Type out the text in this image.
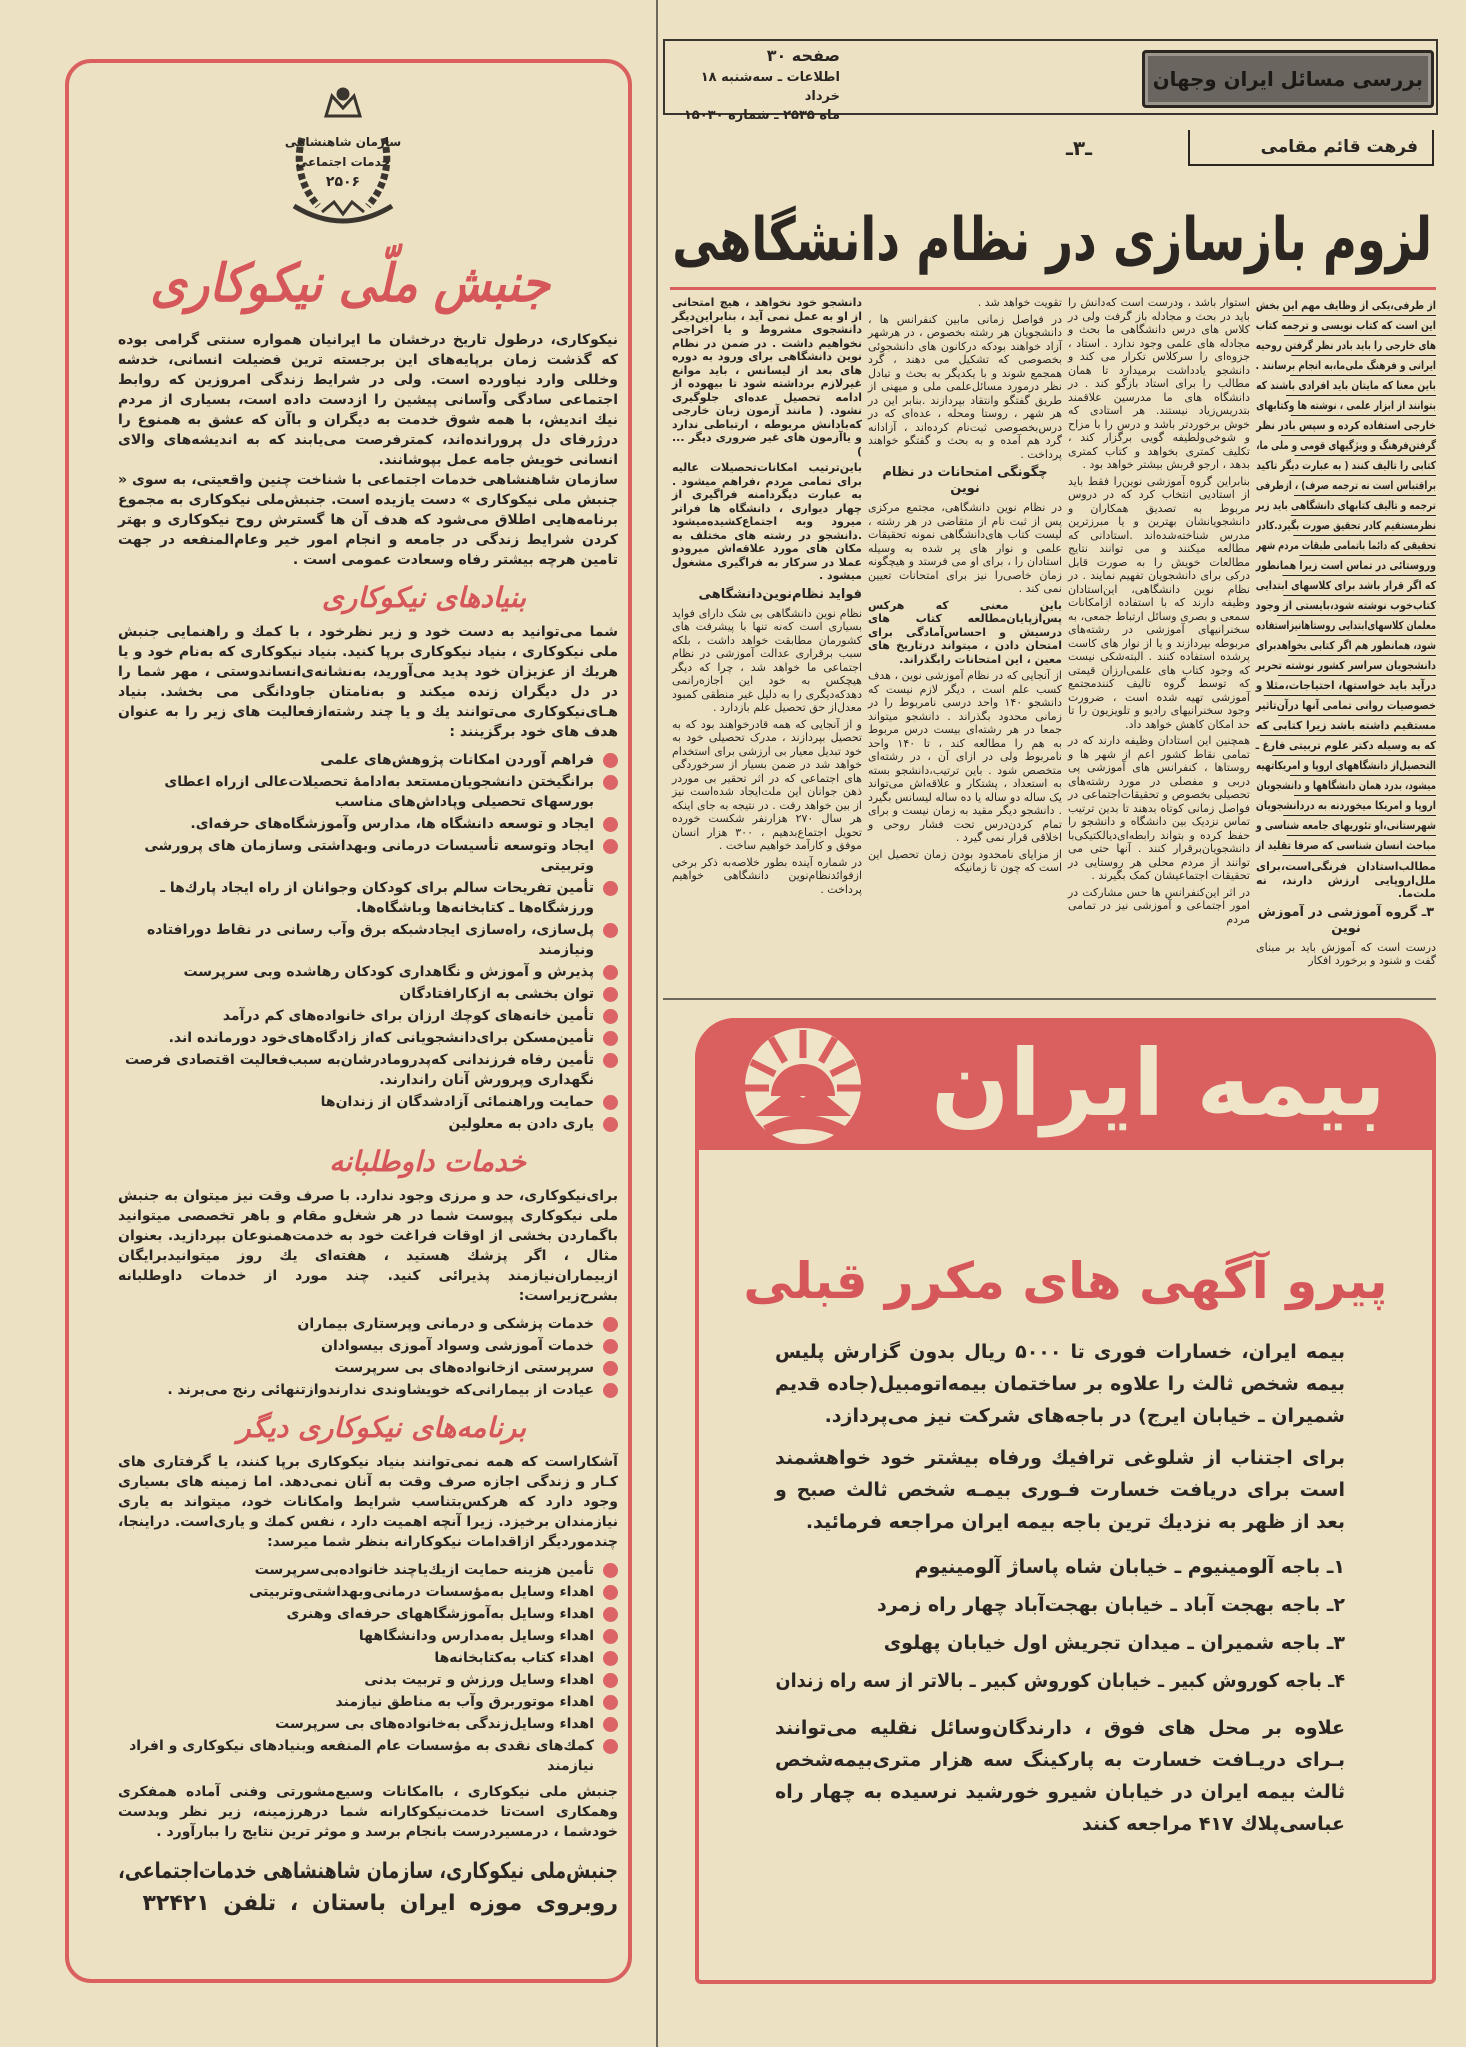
سازمان شاهنشاهی
خدمات اجتماعی
۲۵۰۶
جنبش ملّی نیکوکاری
نیکوکاری، درطول تاریخ درخشان ما ایرانیان همواره سنتی گرامی بوده که گذشت زمان برپایه‌های این برجسته ترین فضیلت انسانی، خدشه وخللی وارد نیاورده است. ولی در شرایط زندگی امروزین که روابط اجتماعی سادگی وآسانی پیشین را ازدست داده است، بسیاری از مردم نیك اندیش، با همه شوق خدمت به دیگران و باآن که عشق به همنوع را درژرفای دل پرورانده‌اند، کمترفرصت می‌یابند که به اندیشه‌های والای انسانی خویش جامه عمل بپوشانند.
سازمان شاهنشاهی خدمات اجتماعی با شناخت چنین واقعیتی، به سوی « جنبش ملی نیکوکاری » دست یازیده است. جنبش‌ملی نیکوکاری به مجموع برنامه‌هایی اطلاق می‌شود که هدف آن ها گسترش روح نیکوکاری و بهتر کردن شرایط زندگی در جامعه و انجام امور خیر وعام‌المنفعه در جهت تامین هرچه بیشتر رفاه وسعادت عمومی است .
بنیادهای نیکوکاری
شما می‌توانید به دست خود و زیر نظرخود ، با کمك و راهنمایی جنبش ملی نیکوکاری ، بنیاد نیکوکاری برپا کنید. بنیاد نیکوکاری که به‌نام خود و یا هریك از عزیزان خود پدید می‌آورید، به‌نشانه‌ی‌انساندوستی ، مهر شما را در دل دیگران زنده میکند و به‌نامتان جاودانگی می بخشد. بنیاد هـای‌نیکوکاری می‌توانند یك و یا چند رشته‌ازفعالیت های زیر را به عنوان هدف های خود برگزینند :
فراهم آوردن امکانات پژوهش‌های علمی
برانگیختن دانشجویان‌مستعد به‌ادامهٔ تحصیلات‌عالی ازراه اعطای بورسهای تحصیلی وپاداش‌های مناسب
ایجاد و توسعه دانشگاه ها، مدارس وآموزشگاه‌های حرفه‌ای.
ایجاد وتوسعه تأسیسات درمانی وبهداشتی وسازمان های پرورشی وتربیتی
تأمین تفریحات سالم برای کودکان وجوانان از راه ایجاد پارك‌ها ـ ورزشگاه‌ها ـ کتابخانه‌ها وباشگاه‌ها.
پل‌سازی، راه‌سازی ایجادشبکه برق وآب رسانی در نقاط دورافتاده ونیازمند
پذیرش و آموزش و نگاهداری کودکان رهاشده وبی سرپرست
توان بخشی به ازکارافتادگان
تأمین خانه‌های کوچك ارزان برای خانواده‌های کم درآمد
تأمین‌مسکن برای‌دانشجویانی که‌از زادگاه‌های‌خود دورمانده اند.
تأمین رفاه فرزندانی که‌پدرومادرشان‌به سبب‌فعالیت اقتصادی فرصت نگهداری وپرورش آنان راندارند.
حمایت وراهنمائی آزادشدگان از زندان‌ها
یاری دادن به معلولین
خدمات داوطلبانه
برای‌نیکوکاری، حد و مرزی وجود ندارد. با صرف وقت نیز میتوان به جنبش ملی نیکوکاری پیوست شما در هر شغل‌و مقام و باهر تخصصی میتوانید باگماردن بخشی از اوقات فراغت خود به خدمت‌همنوعان بپردازید. بعنوان مثال ، اگر پزشك هستید ، هفته‌ای یك روز میتوانیدبرایگان ازبیماران‌نیازمند پذیرائی کنید. چند مورد از خدمات داوطلبانه بشرح‌زیراست:
خدمات پزشکی و درمانی وپرستاری بیماران
خدمات آموزشی وسواد آموزی بیسوادان
سرپرستی ازخانواده‌های بی سرپرست
عیادت از بیمارانی‌که خویشاوندی ندارندوازتنهائی رنج می‌برند .
برنامه‌های نیکوکاری دیگر
آشکاراست که همه نمی‌توانند بنیاد نیکوکاری برپا کنند، یا گرفتاری های کـار و زندگی اجازه صرف وقت به آنان نمی‌دهد. اما زمینه های بسیاری وجود دارد که هرکس‌بتناسب شرایط وامکانات خود، میتواند به یاری نیازمندان برخیزد. زیرا آنچه اهمیت دارد ، نفس کمك و یاری‌است. دراینجا، چندموردیگر ازاقدامات نیکوکارانه بنظر شما میرسد:
تأمین هزینه حمایت ازیك‌یاچند خانواده‌بی‌سرپرست
اهداء وسایل به‌مؤسسات درمانی‌وبهداشتی‌وتربیتی
اهداء وسایل به‌آموزشگاههای حرفه‌ای وهنری
اهداء وسایل به‌مدارس ودانشگاهها
اهداء کتاب به‌کتابخانه‌ها
اهداء وسایل ورزش و تربیت بدنی
اهداء موتوربرق وآب به مناطق نیازمند
اهداء وسایل‌زندگی به‌خانواده‌های بی سرپرست
کمك‌های نقدی به مؤسسات عام المنفعه وبنیادهای نیکوکاری و افراد نیازمند
جنبش ملی نیکوکاری ، باامکانات وسیع‌مشورتی وفنی آماده همفکری وهمکاری است‌تا خدمت‌نیکوکارانه شما درهرزمینه، زیر نظر وبدست خودشما ، درمسیردرست بانجام برسد و موثر ترین نتایج را ببارآورد .
جنبش‌ملی نیکوکاری، سازمان شاهنشاهی خدمات‌اجتماعی،
روبروی موزه ایران باستان ، تلفن ۳۲۴۲۱
بررسی مسائل ایران وجهان
صفحه ۳۰
اطلاعات ـ سه‌شنبه ۱۸ خرداد
ماه ۲۵۳۵ ـ شماره ۱۵۰۳۰
فرهت قائم مقامی
ـ۳ـ
لزوم بازسازی در نظام دانشگاهی
از طرفی،یکی از وظایف مهم این بخش
این است که کتاب نویسی و ترجمه کتاب
های خارجی را باید بادر نظر گرفتن روحیه
ایرانی و فرهنگ ملی‌ما،به انجام برسانند .
باین معنا که مایتان باید افرادی باشند که
بتوانند از ابزار علمی ، نوشته ها وکتابهای
خارجی استفاده کرده و سپس بادر نظر
گرفتن‌فرهنگ و ویژگیهای قومی و ملی ما،
کتابی را تالیف کنند ( به عبارت دیگر تاکید
براقتباس است نه ترجمه صرف) ، ازطرفی
ترجمه و تالیف کتابهای دانشگاهی باید زیر
نظرمستقیم کادر تحقیق صورت بگیرد.کادر
تحقیقی که دائما باتمامی طبقات مردم شهر
وروستائی در تماس است زیرا همانطور
که اگر قرار باشد برای کلاسهای ابتدایی
کتاب‌خوب نوشته شود،بایستی از وجود
معلمان کلاسهای‌ابتدایی روستاها‌نیز‌استفاده
شود، همانطور هم اگر کتابی بخواهدبرای
دانشجویان سراسر کشور نوشته تحریر
درآید باید خواستها، احتیاجات،مثلا و
خصوصیات روانی تمامی آنها درآن‌تاثیر
مستقیم داشته باشد زیرا کتابی که
که به وسیله دکتر علوم تربیتی فارغ ـ
التحصیل‌از دانشگاههای اروپا و امریکاتهیه
میشود، بدرد همان دانشگاهها و دانشجویان
اروپا و امریکا میخوردنه به دردانشجویان
شهرستانی،او تئوریهای جامعه شناسی و
مباحث انسان شناسی که صرفا تقلید از

مطالب‌استادان فرنگی‌است،برای ملل‌اروپایی ارزش دارند، نه ملت‌ما.

۳ـ گروه آموزشی در آموزش نوین

درست است که آموزش باید بر مبنای گفت و شنود و برخورد افکار

استوار باشد ، ودرست است که‌دانش را باید در بحث و مجادله باز گرفت ولی در کلاس های درس دانشگاهی ما بحث و مجادله های علمی وجود ندارد . استاد ، جزوه‌ای را سرکلاس تکرار می کند و دانشجو یادداشت برمیدارد تا همان مطالب را برای استاد بازگو کند . در دانشگاه های ما مدرسین علاقمند بتدریس‌زیاد نیستند. هر استادی که خوش برخوردتر باشد و درس را با مزاح و شوخی‌ولطیفه گویی برگزار کند ، تکلیف کمتری بخواهد و کتاب کمتری بدهد ، ارجو قربش بیشتر خواهد بود .

بنابراین گروه آموزشی نوین‌را فقط باید از استادیی انتخاب کرد که در دروس مربوط به تصدیق همکاران و دانشجویانشان بهترین و یا مبرز‌ترین مدرس شناخته‌شده‌اند .استادانی که مطالعه میکنند و می توانند نتایج مطالعات خویش را به صورت قابل درکی برای دانشجویان تفهیم نمایند . در نظام نوین دانشگاهی، این‌استادان وظیفه دارند که با استفاده ازامکانات سمعی و بصری وسائل ارتباط جمعی، به سخنرانیهای آموزشی در رشته‌های مربوطه بپردازند و یا از نوار های کاست پرشده استفاده کنند . البته‌شکی نیست که وجود کتاب های علمی‌ارزان قیمتی که توسط گروه تالیف کنندمجتمع آموزشی تهیه شده است ، ضرورت وجود سخنرانیهای رادیو و تلویزیون را تا حد امکان کاهش خواهد داد.

همچنین این استادان وظیفه دارند که در تمامی نقاط کشور اعم از شهر ها و روستاها ، کنفرانس های آموزشی پی دربی و مفصلی در مورد رشته‌های تحصیلی بخصوص و تحقیقات‌اجتماعی در فواصل زمانی کوتاه بدهند تا بدین ترتیب تماس نزدیک بین دانشگاه و دانشجو را حفظ کرده و بتواند رابطه‌ای‌دیالکتیکی‌با دانشجویان‌برقرار کنند . آنها حتی می توانند از مردم محلی هر روستایی در تحقیقات اجتماعیشان کمک بگیرند .

در اثر این‌کنفرانس ها حس مشارکت در امور اجتماعی و آموزشی نیز در تمامی مردم

تقویت خواهد شد .

در فواصل زمانی مابین کنفرانس ها ، دانشجویان هر رشته بخصوص ، در هرشهر آزاد خواهند بودکه درکانون های دانشجوئی بخصوصی که تشکیل می دهند ، گرد همجمع شوند و با یکدیگر به بحث و تبادل نظر درمورد مسائل‌علمی ملی و میهنی از طریق گفتگو وانتقاد بپردازند .بنابر این در هر شهر ، روستا ومحله ، عده‌ای که در درس‌بخصوصی ثبت‌نام کرده‌اند ، آزادانه گرد هم آمده و به بحث و گفتگو خواهند پرداخت .

چگونگی امتحانات در نظام نوین

در نظام نوین دانشگاهی، مجتمع مرکزی پس از ثبت نام از متقاضی در هر رشته ، لیست کتاب های‌دانشگاهی نمونه تحقیقات علمی و نوار های پر شده به وسیله استادان را ، برای او می فرستد و هیچگونه زمان خاصی‌را نیز برای امتحانات تعیین نمی کند .

باین معنی که هرکس پس‌ازپایان‌مطالعه کتاب های درسیش و احساس‌آمادگی برای امتحان دادن ، میتواند درتاریخ های معین ، این امتحانات رابگذراند.

از آنجایی که در نظام آموزشی نوین ، هدف کسب علم است ، دیگر لازم نیست که دانشجو ۱۴۰ واحد درسی نامربوط را در زمانی محدود بگذراند . دانشجو میتواند جمعا در هر رشته‌ای بیست درس مربوط به هم را مطالعه کند ، تا ۱۴۰ واحد نامربوط ولی در ازای آن ، در رشته‌ای متخصص شود . باین ترتیب،دانشجو بسته به استعداد ، پشتکار و علاقه‌اش می‌تواند یک ساله دو ساله یا ده ساله لیسانس بگیرد . دانشجو دیگر مقید به زمان نیست و برای تمام کردن‌درس تحت فشار روحی و اخلاقی قرار نمی گیرد .

از مزایای نامحدود بودن زمان تحصیل این است که چون تا زمانیکه

دانشجو خود نخواهد ، هیچ امتحانی از او به عمل نمی آید ، بنابراین‌دیگر دانشجوی مشروط و یا اخراجی نخواهیم داشت . در ضمن در نظام نوین دانشگاهی برای ورود به دوره های بعد از لیسانس ، باید موانع غیرلازم برداشته شود تا بیهوده از ادامه تحصیل عده‌ای جلوگیری نشود. ( مانند آزمون زبان خارجی که‌بادانش مربوطه ، ارتباطی ندارد و یاآزمون های غیر ضروری دیگر ... )

باین‌ترتیب امکانات‌تحصیلات عالیه برای تمامی مردم ،فراهم میشود . به عبارت دیگردامنه فراگیری از چهار دیواری ، دانشگاه ها فراتر میرود وبه اجتماع‌کشیده‌میشود .دانشجو در رشته های مختلف به مکان های مورد علاقه‌اش میرودو عملا در سرکار به فراگیری مشغول میشود .

فواید نظام‌نوین‌دانشگاهی

نظام نوین دانشگاهی بی شک دارای فواید بسیاری است که‌نه تنها با پیشرفت های کشورمان مطابقت خواهد داشت ، بلکه سبب برقراری عدالت آموزشی در نظام اجتماعی ما خواهد شد ، چرا که دیگر هیچکس به خود این اجازه‌رانمی دهدکه‌دیگری را به دلیل غیر منطقی کمبود معدل‌از حق تحصیل علم بازدارد .

و از آنجایی که همه قادرخواهند بود که به تحصیل بپردازند ، مدرک تحصیلی خود به خود تبدیل معیار بی ارزشی برای استخدام خواهد شد در ضمن بسیار از سرخوردگی های اجتماعی که در اثر تحقیر بی موردر ذهن جوانان این ملت‌ایجاد شده‌است نیز از بین خواهد رفت . در نتیجه به جای اینکه هر سال ۲۷۰ هزارنفر شکست خورده تحویل اجتماع‌بدهیم ، ۳۰۰ هزار انسان موفق و کارآمد خواهیم ساخت .

در شماره آینده بطور خلاصه‌به ذکر برخی ازفوائدنظام‌نوین دانشگاهی خواهیم پرداخت .

بیمه ایران
پیرو آگهی های مکرر قبلی
بیمه ایران، خسارات فوری تا ۵۰۰۰ ریال بدون گزارش پلیس بیمه شخص ثالث را علاوه بر ساختمان بیمه‌اتومبیل(جاده قدیم شمیران ـ خیابان ایرج) در باجه‌های شرکت نیز می‌پردازد.
برای اجتناب از شلوغی ترافیك ورفاه بیشتر خود خواهشمند است برای دریافت خسارت فـوری بیمـه شخص ثالث صبح و بعد از ظهر به نزدیك ترین باجه بیمه ایران مراجعه فرمائید.
۱ـ باجه آلومینیوم ـ خیابان شاه پاساژ آلومینیوم
۲ـ باجه بهجت آباد ـ خیابان بهجت‌آباد چهار راه زمرد
۳ـ باجه شمیران ـ میدان تجریش اول خیابان پهلوی
۴ـ باجه کوروش کبیر ـ خیابان کوروش کبیر ـ بالاتر از سه راه زندان
علاوه بر محل های فوق ، دارندگان‌وسائل نقلیه می‌توانند بـرای دریـافت خسارت به پارکینگ سه هزار متری‌بیمه‌شخص ثالث بیمه ایران در خیابان شیرو خورشید نرسیده به چهار راه عباسی‌پلاك ۴۱۷ مراجعه کنند
